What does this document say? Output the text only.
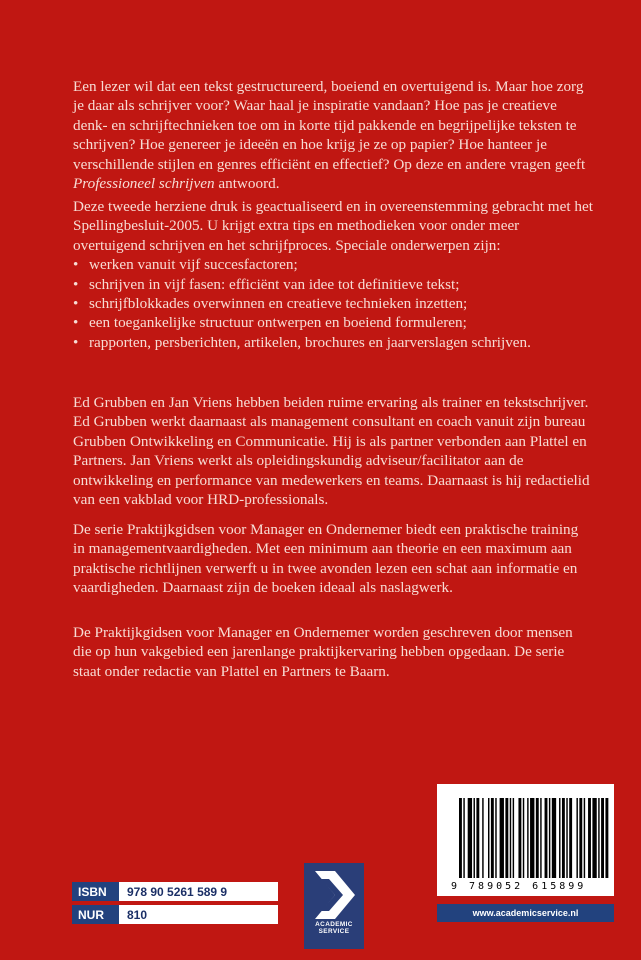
Een lezer wil dat een tekst gestructureerd, boeiend en overtuigend is. Maar hoe zorg je daar als schrijver voor? Waar haal je inspiratie vandaan? Hoe pas je creatieve denk- en schrijftechnieken toe om in korte tijd pakkende en begrijpelijke teksten te schrijven? Hoe genereer je ideeën en hoe krijg je ze op papier? Hoe hanteer je verschillende stijlen en genres efficiënt en effectief? Op deze en andere vragen geeft Professioneel schrijven antwoord.

Deze tweede herziene druk is geactualiseerd en in overeenstemming gebracht met het Spellingbesluit-2005. U krijgt extra tips en methodieken voor onder meer overtuigend schrijven en het schrijfproces. Speciale onderwerpen zijn:

• werken vanuit vijf succesfactoren;
• schrijven in vijf fasen: efficiënt van idee tot definitieve tekst;
• schrijfblokkades overwinnen en creatieve technieken inzetten;
• een toegankelijke structuur ontwerpen en boeiend formuleren;
• rapporten, persberichten, artikelen, brochures en jaarverslagen schrijven.

Ed Grubben en Jan Vriens hebben beiden ruime ervaring als trainer en tekstschrijver. Ed Grubben werkt daarnaast als management consultant en coach vanuit zijn bureau Grubben Ontwikkeling en Communicatie. Hij is als partner verbonden aan Plattel en Partners. Jan Vriens werkt als opleidingskundig adviseur/facilitator aan de ontwikkeling en performance van medewerkers en teams. Daarnaast is hij redactielid van een vakblad voor HRD-professionals.

De serie Praktijkgidsen voor Manager en Ondernemer biedt een praktische training in managementvaardigheden. Met een minimum aan theorie en een maximum aan praktische richtlijnen verwerft u in twee avonden lezen een schat aan informatie en vaardigheden. Daarnaast zijn de boeken ideaal als naslagwerk.

De Praktijkgidsen voor Manager en Ondernemer worden geschreven door mensen die op hun vakgebied een jarenlange praktijkervaring hebben opgedaan. De serie staat onder redactie van Plattel en Partners te Baarn.

ISBN	978 90 5261 589 9
NUR	810
ACADEMIC
SERVICE
9 789052 615899
www.academicservice.nl
